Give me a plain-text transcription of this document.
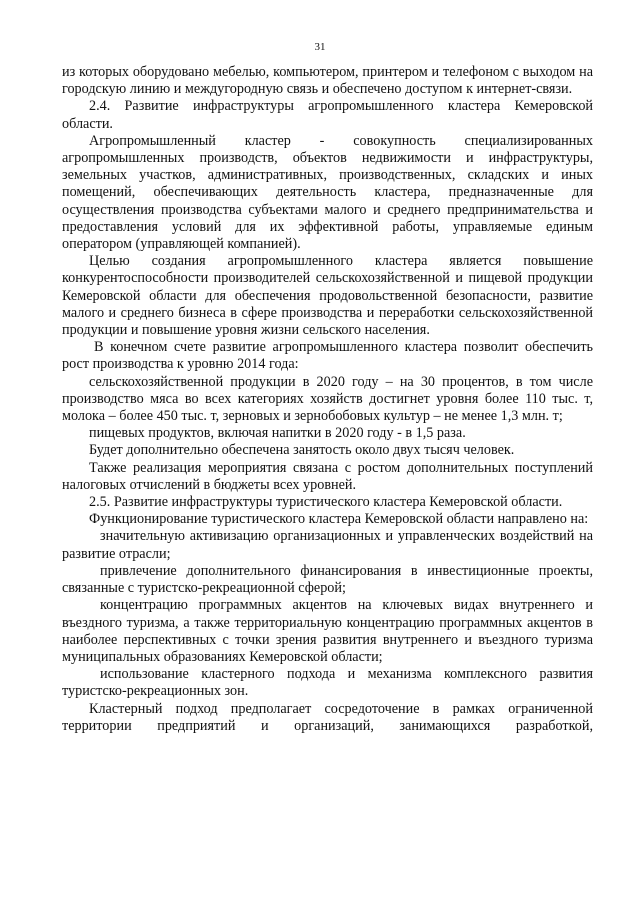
31

из которых оборудовано мебелью, компьютером, принтером и телефоном с выходом на городскую линию и междугородную связь и обеспечено доступом к интернет-связи.

2.4. Развитие инфраструктуры агропромышленного кластера Кемеровской области.

Агропромышленный кластер - совокупность специализированных агропромышленных производств, объектов недвижимости и инфраструктуры, земельных участков, административных, производственных, складских и иных помещений, обеспечивающих деятельность кластера, предназначенные для осуществления производства субъектами малого и среднего предпринимательства и предоставления условий для их эффективной работы, управляемые единым оператором (управляющей компанией).

Целью создания агропромышленного кластера является повышение конкурентоспособности производителей сельскохозяйственной и пищевой продукции Кемеровской области для обеспечения продовольственной безопасности, развитие малого и среднего бизнеса в сфере производства и переработки сельскохозяйственной продукции и повышение уровня жизни сельского населения.

В конечном счете развитие агропромышленного кластера позволит обеспечить рост производства к уровню 2014 года:

сельскохозяйственной продукции в 2020 году – на 30 процентов, в том числе производство мяса во всех категориях хозяйств достигнет уровня более 110 тыс. т, молока – более 450 тыс. т, зерновых и зернобобовых культур – не менее 1,3 млн. т;

пищевых продуктов, включая напитки в 2020 году - в 1,5 раза.

Будет дополнительно обеспечена занятость около двух тысяч человек.

Также реализация мероприятия связана с ростом дополнительных поступлений налоговых отчислений в бюджеты всех уровней.

2.5. Развитие инфраструктуры туристического кластера Кемеровской области.

Функционирование туристического кластера Кемеровской области направлено на:

значительную активизацию организационных и управленческих воздействий на развитие отрасли;

привлечение дополнительного финансирования в инвестиционные проекты, связанные с туристско-рекреационной сферой;

концентрацию программных акцентов на ключевых видах внутреннего и въездного туризма, а также территориальную концентрацию программных акцентов в наиболее перспективных с точки зрения развития внутреннего и въездного туризма муниципальных образованиях Кемеровской области;

использование кластерного подхода и механизма комплексного развития туристско-рекреационных зон.

Кластерный подход предполагает сосредоточение в рамках ограниченной территории предприятий и организаций, занимающихся разработкой,
